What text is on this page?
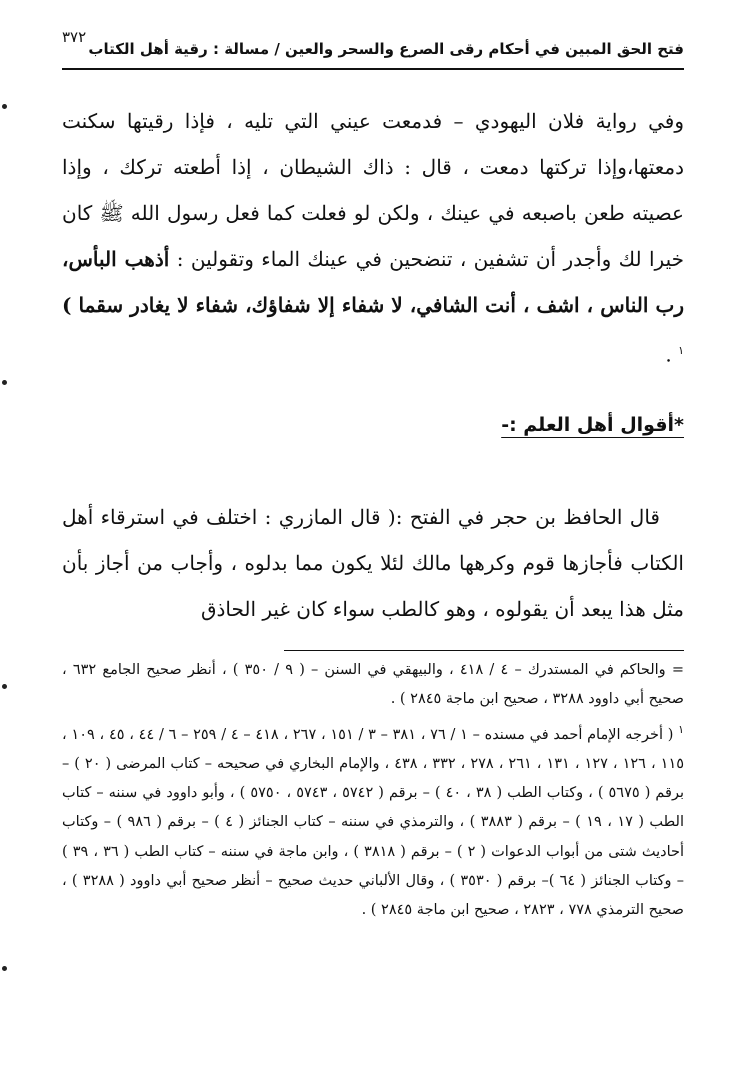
٣٧٢
فتح الحق المبين في أحكام رقى الصرع والسحر والعين / مسالة : رقية أهل الكتاب

وفي رواية فلان اليهودي – فدمعت عيني التي تليه ، فإذا رقيتها سكنت دمعتها،وإذا تركتها دمعت ، قال : ذاك الشيطان ، إذا أطعته تركك ، وإذا عصيته طعن باصبعه في عينك ، ولكن لو فعلت كما فعل رسول الله ﷺ كان خيرا لك وأجدر أن تشفين ، تنضحين في عينك الماء وتقولين : أذهب البأس، رب الناس ، اشف ، أنت الشافي، لا شفاء إلا شفاؤك، شفاء لا يغادر سقما ) $^١$ .

*أقوال أهل العلم :-

قال الحافظ بن حجر في الفتح :( قال المازري : اختلف في استرقاء أهل الكتاب فأجازها قوم وكرهها مالك لئلا يكون مما بدلوه ، وأجاب من أجاز بأن مثل هذا يبعد أن يقولوه ، وهو كالطب سواء كان غير الحاذق

= والحاكم في المستدرك – ٤ / ٤١٨ ، والبيهقي في السنن – ( ٩ / ٣٥٠ ) ، أنظر صحيح الجامع ٦٣٢ ، صحيح أبي داوود ٣٢٨٨ ، صحيح ابن ماجة ٢٨٤٥ ) .

$^١$ ( أخرجه الإمام أحمد في مسنده – ١ / ٧٦ ، ٣٨١ – ٣ / ١٥١ ، ٢٦٧ ، ٤١٨ – ٤ / ٢٥٩ – ٦ / ٤٤ ، ٤٥ ، ١٠٩ ، ١١٥ ، ١٢٦ ، ١٢٧ ، ١٣١ ، ٢٦١ ، ٢٧٨ ، ٣٣٢ ، ٤٣٨ ، والإمام البخاري في صحيحه – كتاب المرضى ( ٢٠ ) – برقم ( ٥٦٧٥ ) ، وكتاب الطب ( ٣٨ ، ٤٠ ) – برقم ( ٥٧٤٢ ، ٥٧٤٣ ، ٥٧٥٠ ) ، وأبو داوود في سننه – كتاب الطب ( ١٧ ، ١٩ ) – برقم ( ٣٨٨٣ ) ، والترمذي في سننه – كتاب الجنائز ( ٤ ) – برقم ( ٩٨٦ ) – وكتاب أحاديث شتى من أبواب الدعوات ( ٢ ) – برقم ( ٣٨١٨ ) ، وابن ماجة في سننه – كتاب الطب ( ٣٦ ، ٣٩ ) – وكتاب الجنائز ( ٦٤ )– برقم ( ٣٥٣٠ ) ، وقال الألباني حديث صحيح – أنظر صحيح أبي داوود ( ٣٢٨٨ ) ، صحيح الترمذي ٧٧٨ ، ٢٨٢٣ ، صحيح ابن ماجة ٢٨٤٥ ) .
